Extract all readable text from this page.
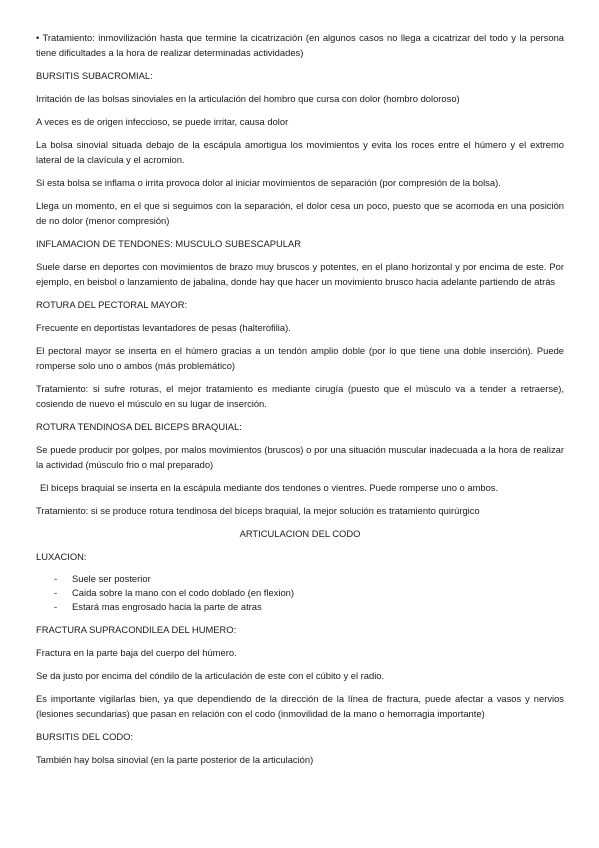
• Tratamiento: inmovilización hasta que termine la cicatrización (en algunos casos no llega a cicatrizar del todo y la persona tiene dificultades a la hora de realizar determinadas actividades)

BURSITIS SUBACROMIAL:

Irritación de las bolsas sinoviales en la articulación del hombro que cursa con dolor (hombro doloroso)

A veces es de origen infeccioso, se puede irritar, causa dolor

La bolsa sinovial situada debajo de la escápula amortigua los movimientos y evita los roces entre el húmero y el extremo lateral de la clavícula y el acromion.

Si esta bolsa se inflama o irrita provoca dolor al iniciar movimientos de separación (por compresión de la bolsa).

Llega un momento, en el que si seguimos con la separación, el dolor cesa un poco, puesto que se acomoda en una posición de no dolor (menor compresión)

INFLAMACION DE TENDONES: MUSCULO SUBESCAPULAR

Suele darse en deportes con movimientos de brazo muy bruscos y potentes, en el plano horizontal y por encima de este. Por ejemplo, en beisbol o lanzamiento de jabalina, donde hay que hacer un movimiento brusco hacia adelante partiendo de atrás

ROTURA DEL PECTORAL MAYOR:

Frecuente en deportistas levantadores de pesas (halterofilia).

El pectoral mayor se inserta en el húmero gracias a un tendón amplio doble (por lo que tiene una doble inserción). Puede romperse solo uno o ambos (más problemático)

Tratamiento: si sufre roturas, el mejor tratamiento es mediante cirugía (puesto que el músculo va a tender a retraerse), cosiendo de nuevo el músculo en su lugar de inserción.

ROTURA TENDINOSA DEL BICEPS BRAQUIAL:

Se puede producir por golpes, por malos movimientos (bruscos) o por una situación muscular inadecuada a la hora de realizar la actividad (músculo frio o mal preparado)

El bíceps braquial se inserta en la escápula mediante dos tendones o vientres. Puede romperse uno o ambos.

Tratamiento: si se produce rotura tendinosa del bíceps braquial, la mejor solución es tratamiento quirúrgico

ARTICULACION DEL CODO

LUXACION:

- Suele ser posterior
- Caida sobre la mano con el codo doblado (en flexion)
- Estará mas engrosado hacia la parte de atras

FRACTURA SUPRACONDILEA DEL HUMERO:

Fractura en la parte baja del cuerpo del húmero.

Se da justo por encima del cóndilo de la articulación de este con el cúbito y el radio.

Es importante vigilarlas bien, ya que dependiendo de la dirección de la línea de fractura, puede afectar a vasos y nervios (lesiones secundarias) que pasan en relación con el codo (inmovilidad de la mano o hemorragia importante)

BURSITIS DEL CODO:

También hay bolsa sinovial (en la parte posterior de la articulación)
